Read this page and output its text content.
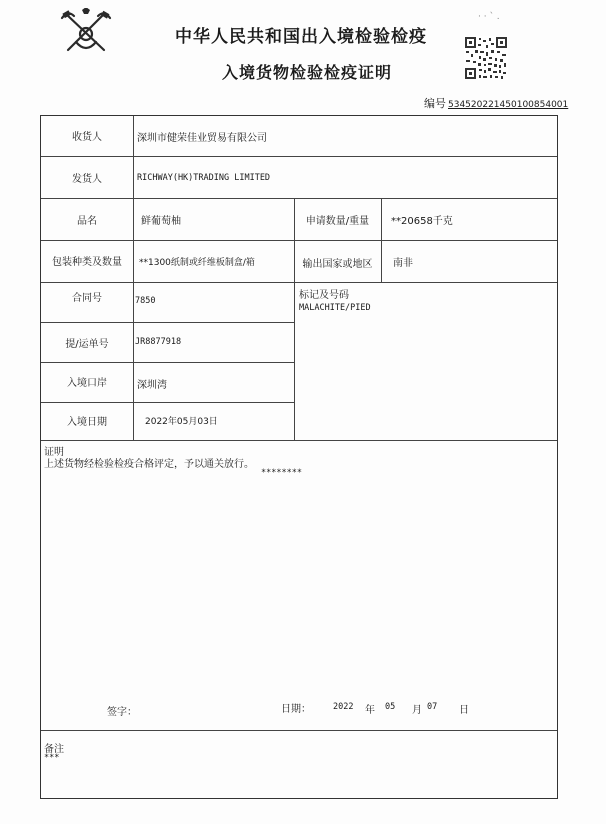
· · ` .
中华人民共和国出入境检验检疫
入境货物检验检疫证明
编号 534520221450100854001
收货人	深圳市健荣佳业贸易有限公司
发货人	RICHWAY(HK)TRADING LIMITED
品名	鲜葡萄柚	申请数量/重量	**20658千克
包装种类及数量	**1300纸制或纤维板制盒/箱	输出国家或地区	南非
合同号	7850	标记及号码
MALACHITE/PIED
提/运单号	JR8877918
入境口岸	深圳湾
入境日期	2022年05月03日
证明
上述货物经检验检疫合格评定，予以通关放行。
********
签字：	日期：	2022 年 05 月 07 日
备注
***
